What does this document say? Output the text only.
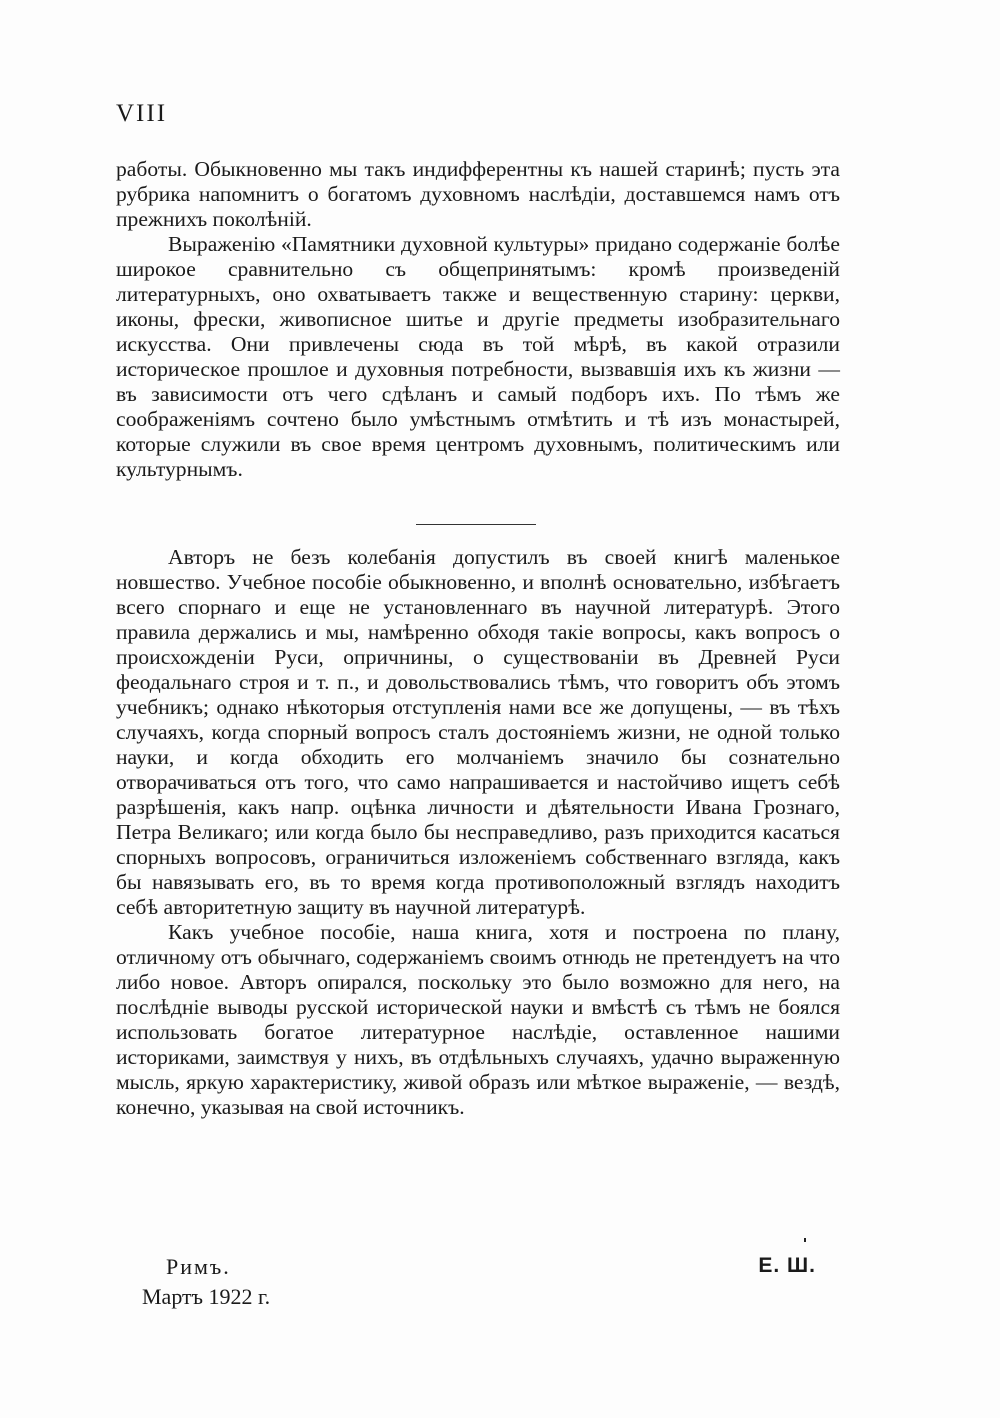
VIII

работы. Обыкновенно мы такъ индифферентны къ нашей старинѣ; пусть эта рубрика напомнитъ о богатомъ духовномъ наслѣдіи, доставшемся намъ отъ прежнихъ поколѣній.

Выраженію «Памятники духовной культуры» придано содержаніе болѣе широкое сравнительно съ общепринятымъ: кромѣ произведеній литературныхъ, оно охватываетъ также и вещественную старину: церкви, иконы, фрески, живописное шитье и другіе предметы изобразительнаго искусства. Они привлечены сюда въ той мѣрѣ, въ какой отразили историческое прошлое и духовныя потребности, вызвавшія ихъ къ жизни — въ зависимости отъ чего сдѣланъ и самый подборъ ихъ. По тѣмъ же соображеніямъ сочтено было умѣстнымъ отмѣтить и тѣ изъ монастырей, которые служили въ свое время центромъ духовнымъ, политическимъ или культурнымъ.

Авторъ не безъ колебанія допустилъ въ своей книгѣ маленькое новшество. Учебное пособіе обыкновенно, и вполнѣ основательно, избѣгаетъ всего спорнаго и еще не установленнаго въ научной литературѣ. Этого правила держались и мы, намѣренно обходя такіе вопросы, какъ вопросъ о происхожденіи Руси, опричнины, о существованіи въ Древней Руси феодальнаго строя и т. п., и довольствовались тѣмъ, что говоритъ объ этомъ учебникъ; однако нѣкоторыя отступленія нами все же допущены, — въ тѣхъ случаяхъ, когда спорный вопросъ сталъ достояніемъ жизни, не одной только науки, и когда обходить его молчаніемъ значило бы сознательно отворачиваться отъ того, что само напрашивается и настойчиво ищетъ себѣ разрѣшенія, какъ напр. оцѣнка личности и дѣятельности Ивана Грознаго, Петра Великаго; или когда было бы несправедливо, разъ приходится касаться спорныхъ вопросовъ, ограничиться изложеніемъ собственнаго взгляда, какъ бы навязывать его, въ то время когда противоположный взглядъ находитъ себѣ авторитетную защиту въ научной литературѣ.

Какъ учебное пособіе, наша книга, хотя и построена по плану, отличному отъ обычнаго, содержаніемъ своимъ отнюдь не претендуетъ на что либо новое. Авторъ опирался, поскольку это было возможно для него, на послѣдніе выводы русской исторической науки и вмѣстѣ съ тѣмъ не боялся использовать богатое литературное наслѣдіе, оставленное нашими историками, заимствуя у нихъ, въ отдѣльныхъ случаяхъ, удачно выраженную мысль, яркую характеристику, живой образъ или мѣткое выраженіе, — вездѣ, конечно, указывая на свой источникъ.

Римъ.
Мартъ 1922 г.
Е. Ш.
